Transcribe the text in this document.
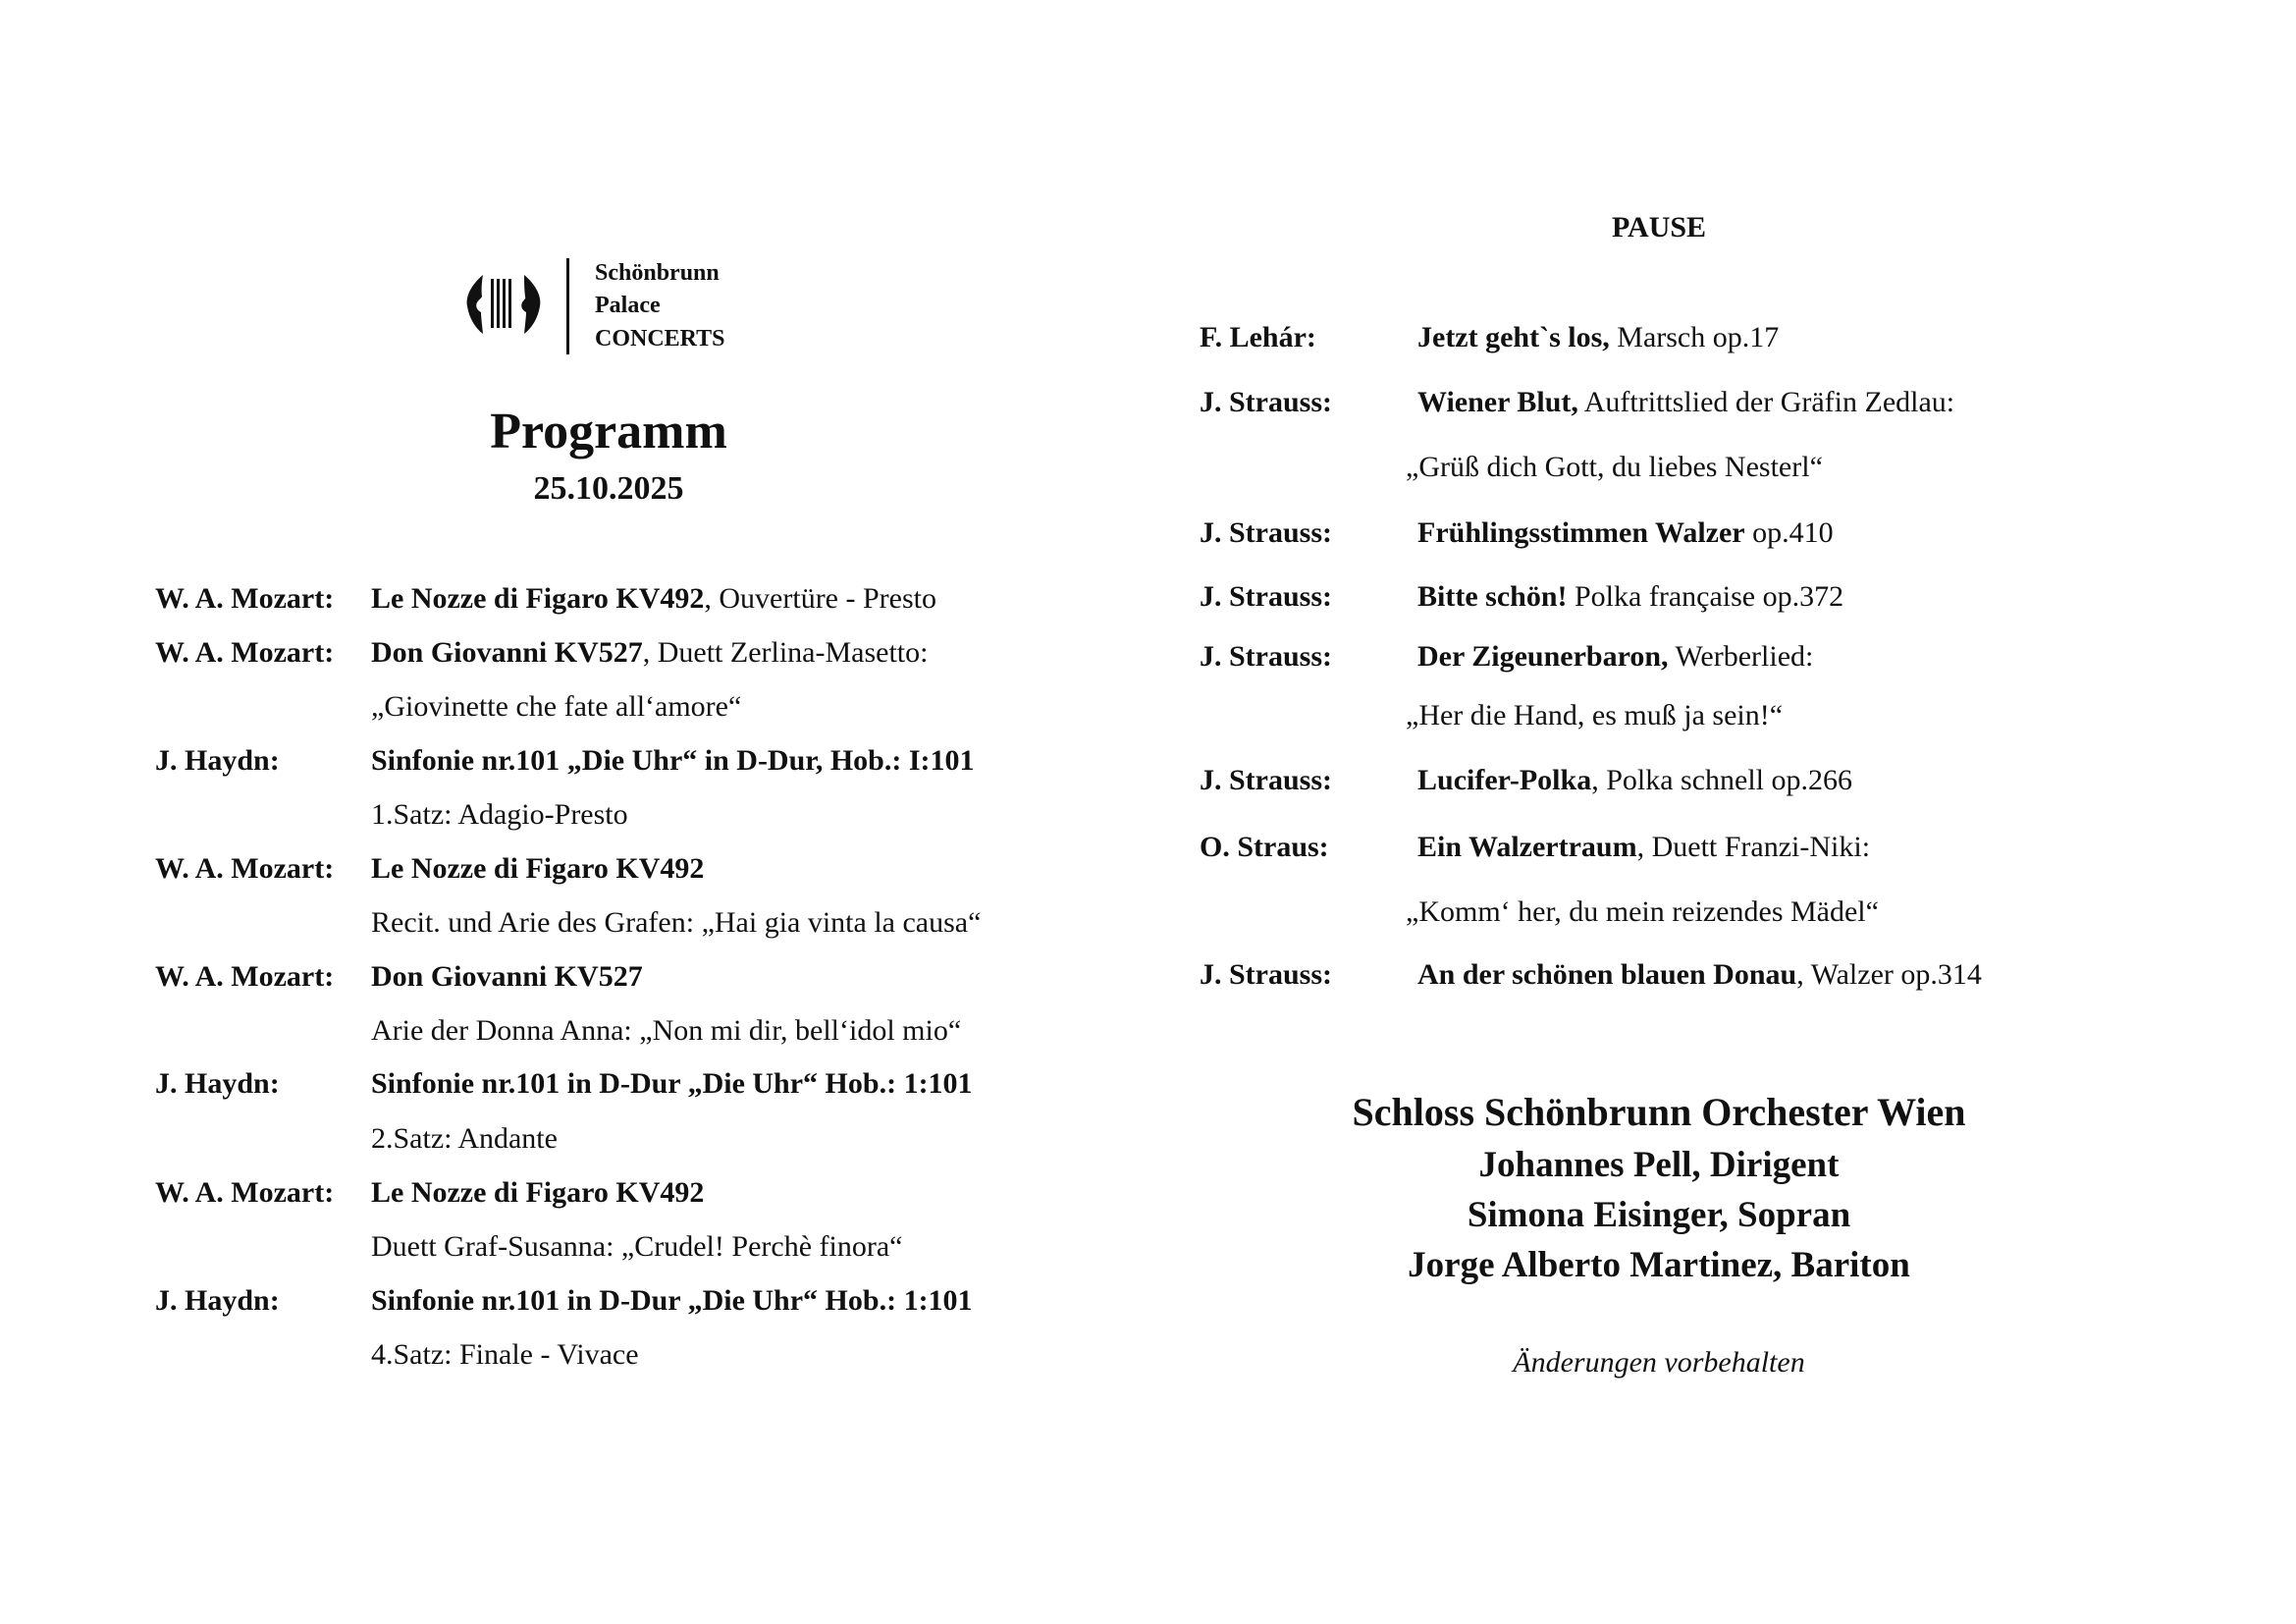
Schönbrunn
Palace
CONCERTS
Programm
25.10.2025
W. A. Mozart: Le Nozze di Figaro KV492, Ouvertüre - Presto
W. A. Mozart: Don Giovanni KV527, Duett Zerlina-Masetto:
„Giovinette che fate all‘amore“
J. Haydn:	Sinfonie nr.101 „Die Uhr“ in D-Dur, Hob.: I:101
1.Satz: Adagio-Presto
W. A. Mozart: Le Nozze di Figaro KV492
Recit. und Arie des Grafen: „Hai gia vinta la causa“
W. A. Mozart: Don Giovanni KV527
Arie der Donna Anna: „Non mi dir, bell‘idol mio“
J. Haydn:	Sinfonie nr.101 in D-Dur „Die Uhr“ Hob.: 1:101
2.Satz: Andante
W. A. Mozart: Le Nozze di Figaro KV492
Duett Graf-Susanna: „Crudel! Perchè finora“
J. Haydn:	Sinfonie nr.101 in D-Dur „Die Uhr“ Hob.: 1:101
4.Satz: Finale - Vivace
PAUSE
F. Lehár:	Jetzt geht`s los, Marsch op.17
J. Strauss:	Wiener Blut, Auftrittslied der Gräfin Zedlau:
„Grüß dich Gott, du liebes Nesterl“
J. Strauss:	Frühlingsstimmen Walzer op.410
J. Strauss:	Bitte schön! Polka française op.372
J. Strauss:	Der Zigeunerbaron, Werberlied:
„Her die Hand, es muß ja sein!“
J. Strauss:	Lucifer-Polka, Polka schnell op.266
O. Straus:	Ein Walzertraum, Duett Franzi-Niki:
„Komm‘ her, du mein reizendes Mädel“
J. Strauss:	An der schönen blauen Donau, Walzer op.314
Schloss Schönbrunn Orchester Wien
Johannes Pell, Dirigent
Simona Eisinger, Sopran
Jorge Alberto Martinez, Bariton
Änderungen vorbehalten
